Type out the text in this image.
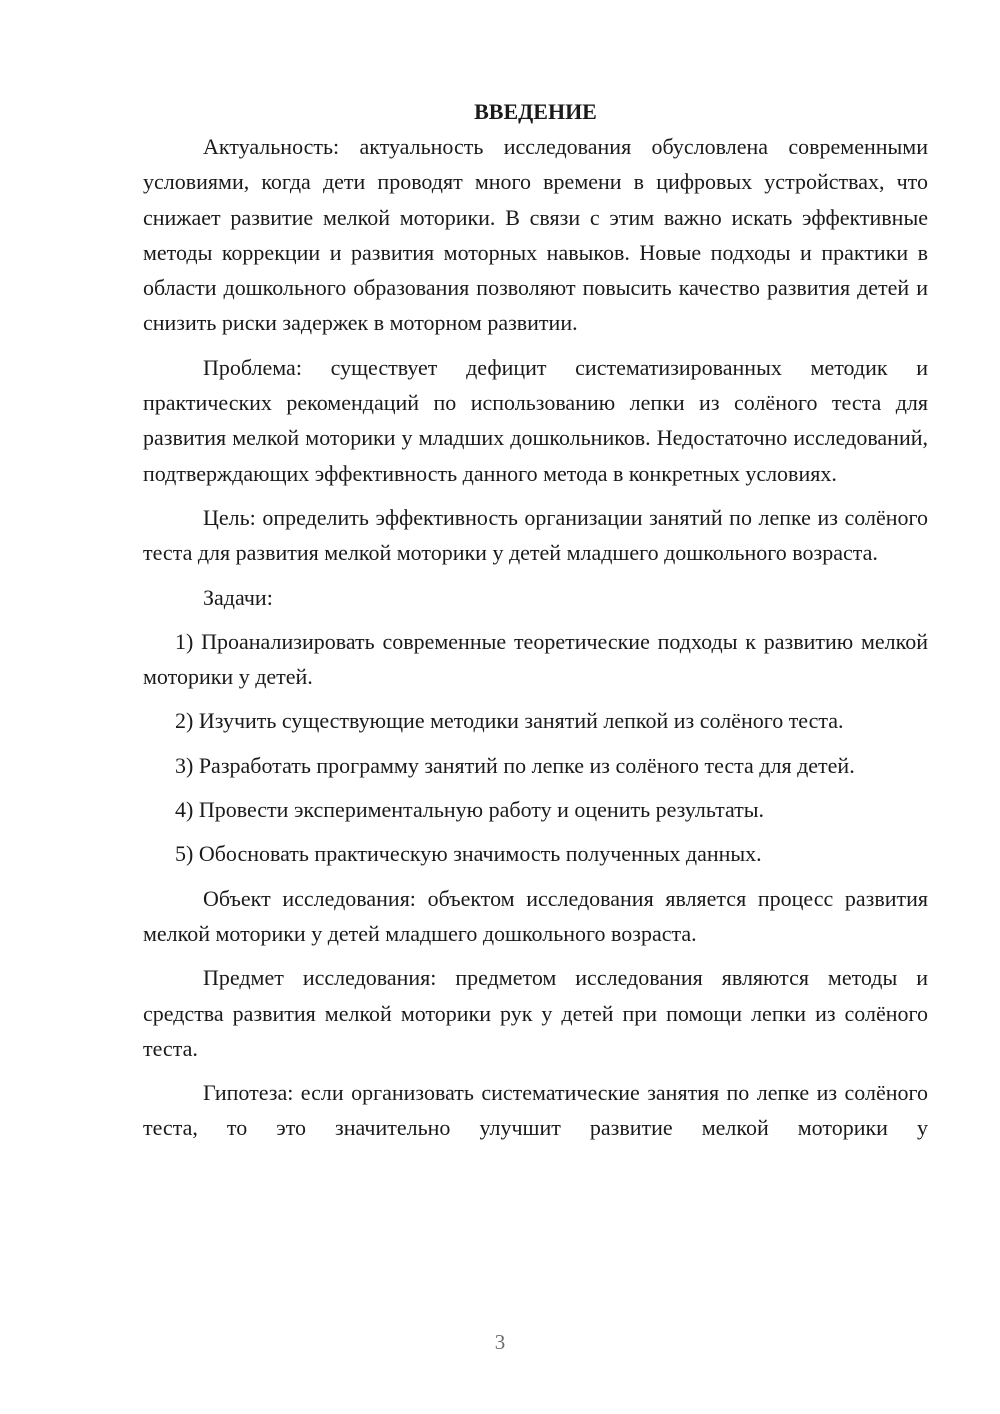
ВВЕДЕНИЕ

Актуальность: актуальность исследования обусловлена современными условиями, когда дети проводят много времени в цифровых устройствах, что снижает развитие мелкой моторики. В связи с этим важно искать эффективные методы коррекции и развития моторных навыков. Новые подходы и практики в области дошкольного образования позволяют повысить качество развития детей и снизить риски задержек в моторном развитии.

Проблема: существует дефицит систематизированных методик и практических рекомендаций по использованию лепки из солёного теста для развития мелкой моторики у младших дошкольников. Недостаточно исследований, подтверждающих эффективность данного метода в конкретных условиях.

Цель: определить эффективность организации занятий по лепке из солёного теста для развития мелкой моторики у детей младшего дошкольного возраста.

Задачи:

1) Проанализировать современные теоретические подходы к развитию мелкой моторики у детей.

2) Изучить существующие методики занятий лепкой из солёного теста.

3) Разработать программу занятий по лепке из солёного теста для детей.

4) Провести экспериментальную работу и оценить результаты.

5) Обосновать практическую значимость полученных данных.

Объект исследования: объектом исследования является процесс развития мелкой моторики у детей младшего дошкольного возраста.

Предмет исследования: предметом исследования являются методы и средства развития мелкой моторики рук у детей при помощи лепки из солёного теста.

Гипотеза: если организовать систематические занятия по лепке из солёного теста, то это значительно улучшит развитие мелкой моторики у

3
